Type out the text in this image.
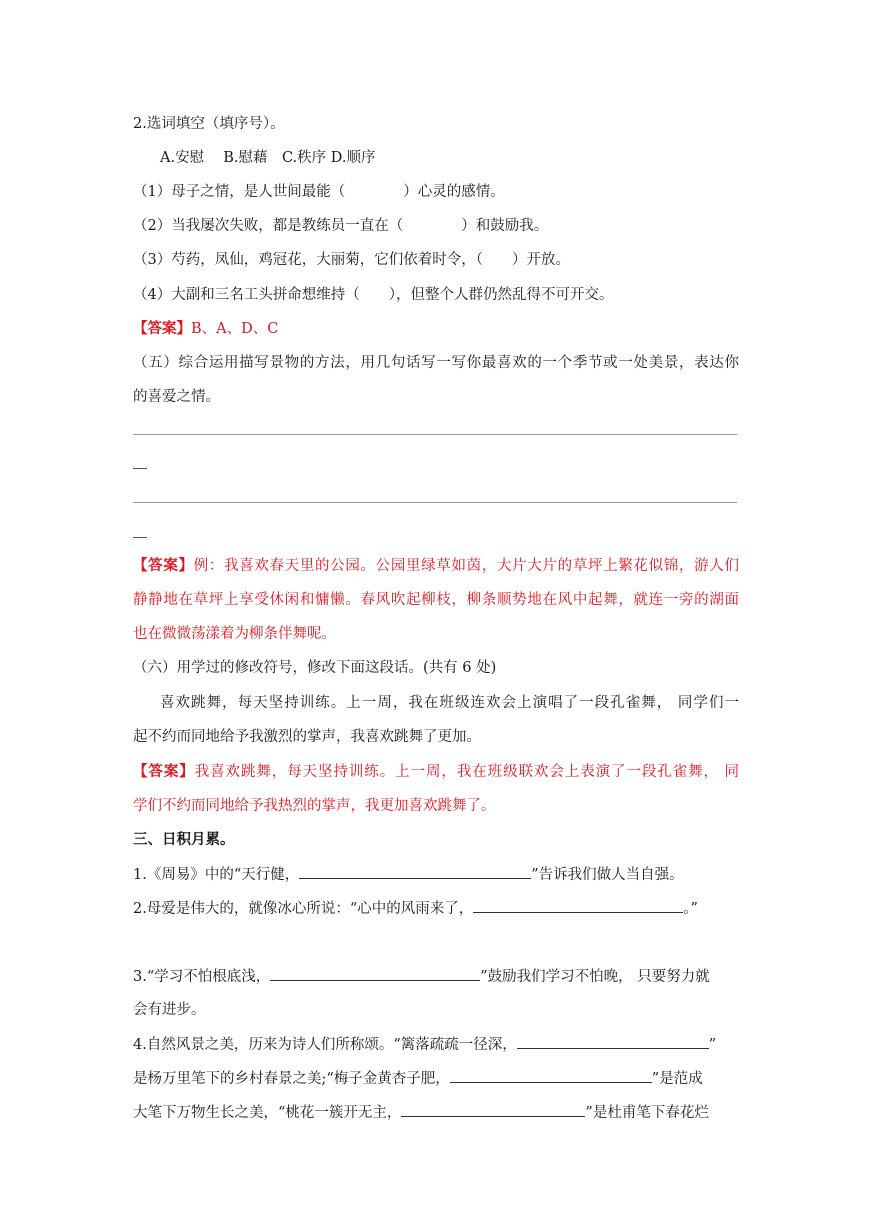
2.选词填空（填序号）。
A.安慰　 B.慰藉　C.秩序 D.顺序
（1）母子之情，是人世间最能（　　　　）心灵的感情。
（2）当我屡次失败，都是教练员一直在（　　　　）和鼓励我。
（3）芍药，凤仙，鸡冠花，大丽菊，它们依着时令，（　　）开放。
（4）大副和三名工头拼命想维持（　　），但整个人群仍然乱得不可开交。
【答案】B、A、D、C
（五）综合运用描写景物的方法，用几句话写一写你最喜欢的一个季节或一处美景，表达你
的喜爱之情。
【答案】例：我喜欢春天里的公园。公园里绿草如茵，大片大片的草坪上繁花似锦，游人们
静静地在草坪上享受休闲和慵懒。春风吹起柳枝，柳条顺势地在风中起舞，就连一旁的湖面
也在微微荡漾着为柳条伴舞呢。
（六）用学过的修改符号，修改下面这段话。(共有 6 处)
喜欢跳舞，每天坚持训练。上一周，我在班级连欢会上演唱了一段孔雀舞， 同学们一
起不约而同地给予我激烈的掌声，我喜欢跳舞了更加。
【答案】我喜欢跳舞，每天坚持训练。上一周，我在班级联欢会上表演了一段孔雀舞， 同
学们不约而同地给予我热烈的掌声，我更加喜欢跳舞了。
三、日积月累。
1.《周易》中的“天行健，	”告诉我们做人当自强。
2.母爱是伟大的，就像冰心所说：“心中的风雨来了，	。”
3.“学习不怕根底浅，	”鼓励我们学习不怕晚， 只要努力就
会有进步。
4.自然风景之美，历来为诗人们所称颂。“篱落疏疏一径深，	”
是杨万里笔下的乡村春景之美;“梅子金黄杏子肥，	”是范成
大笔下万物生长之美，“桃花一簇开无主，	”是杜甫笔下春花烂
